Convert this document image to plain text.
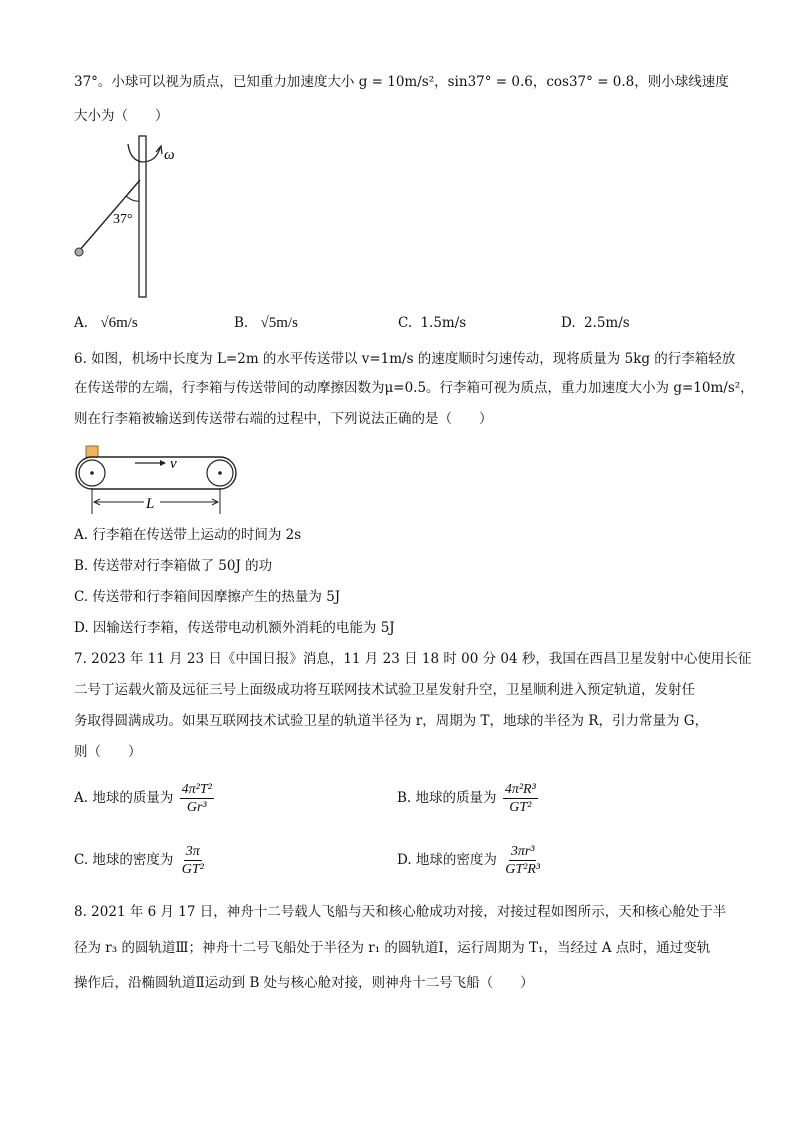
37°。小球可以视为质点，已知重力加速度大小 g = 10m/s²，sin37° = 0.6，cos37° = 0.8，则小球线速度
大小为（　　）
ω
37°
A. √6m/s	B. √5m/s	C. 1.5m/s	D. 2.5m/s
6. 如图，机场中长度为 L=2m 的水平传送带以 v=1m/s 的速度顺时匀速传动，现将质量为 5kg 的行李箱轻放
在传送带的左端，行李箱与传送带间的动摩擦因数为μ=0.5。行李箱可视为质点，重力加速度大小为 g=10m/s²，
则在行李箱被输送到传送带右端的过程中，下列说法正确的是（　　）
v
L
A. 行李箱在传送带上运动的时间为 2s
B. 传送带对行李箱做了 50J 的功
C. 传送带和行李箱间因摩擦产生的热量为 5J
D. 因输送行李箱，传送带电动机额外消耗的电能为 5J
7. 2023 年 11 月 23 日《中国日报》消息，11 月 23 日 18 时 00 分 04 秒，我国在西昌卫星发射中心使用长征
二号丁运载火箭及远征三号上面级成功将互联网技术试验卫星发射升空，卫星顺利进入预定轨道，发射任
务取得圆满成功。如果互联网技术试验卫星的轨道半径为 r，周期为 T，地球的半径为 R，引力常量为 G，
则（　　）
A. 地球的质量为 $\frac{\text{4π²T²}}{\text{Gr³}}$	B. 地球的质量为 $\frac{\text{4π²R³}}{\text{GT²}}$
C. 地球的密度为 $\frac{3\pi}{\text{GT²}}$	D. 地球的密度为 $\frac{\text{3πr³}}{\text{GT²R³}}$
8. 2021 年 6 月 17 日，神舟十二号载人飞船与天和核心舱成功对接，对接过程如图所示，天和核心舱处于半
径为 r₃ 的圆轨道Ⅲ；神舟十二号飞船处于半径为 r₁ 的圆轨道Ⅰ，运行周期为 T₁，当经过 A 点时，通过变轨
操作后，沿椭圆轨道Ⅱ运动到 B 处与核心舱对接，则神舟十二号飞船（　　）
